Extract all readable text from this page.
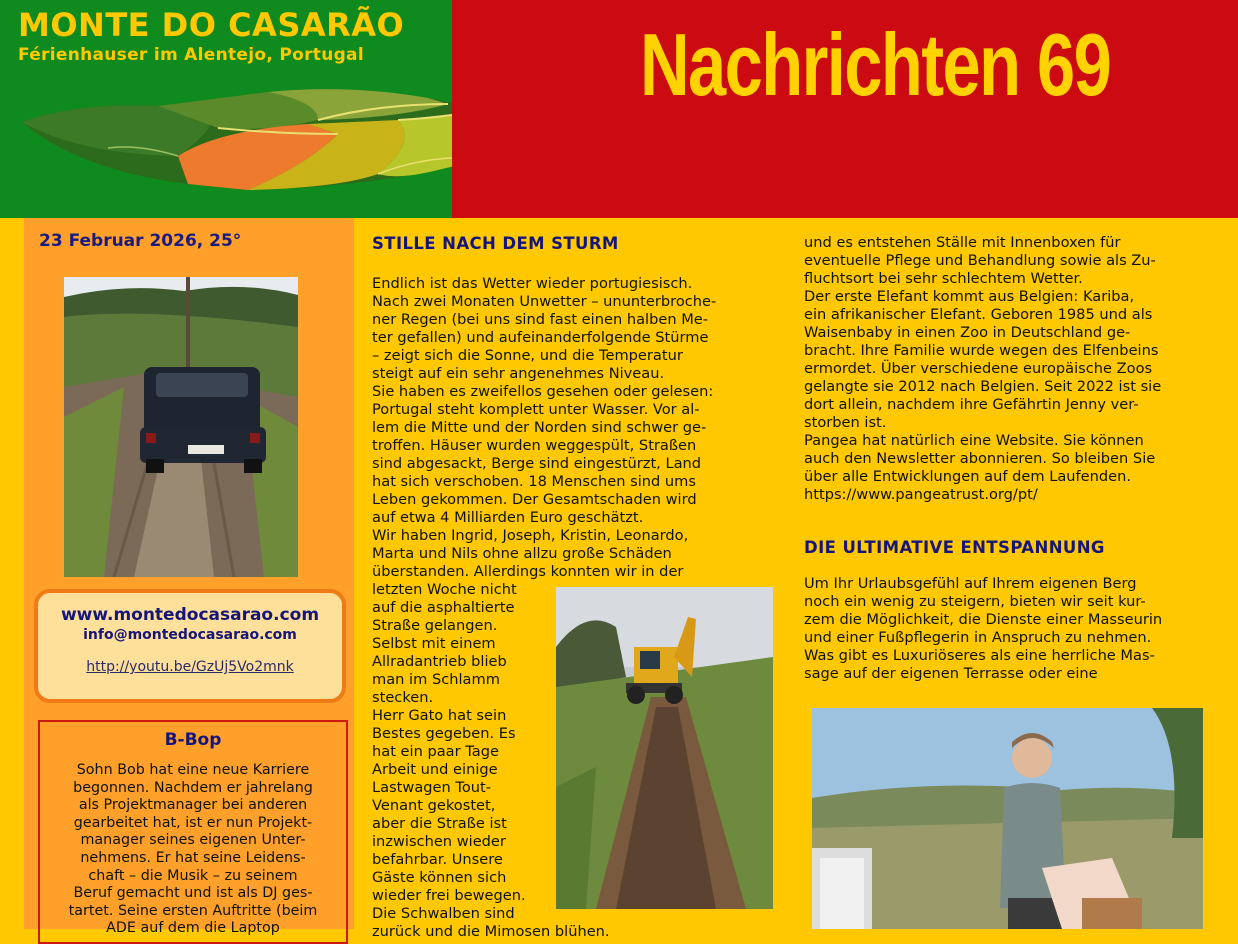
MONTE DO CASARÃO
Férienhauser im Alentejo, Portugal	Nachrichten 69
23 Februar 2026, 25°
www.montedocasarao.com
info@montedocasarao.com
http://youtu.be/GzUj5Vo2mnk
B-Bop
Sohn Bob hat eine neue Karriere
begonnen. Nachdem er jahrelang
als Projektmanager bei anderen
gearbeitet hat, ist er nun Projekt-
manager seines eigenen Unter-
nehmens. Er hat seine Leidens-
chaft – die Musik – zu seinem
Beruf gemacht und ist als DJ ges-
tartet. Seine ersten Auftritte (beim
ADE auf dem die Laptop
STILLE NACH DEM STURM
Endlich ist das Wetter wieder portugiesisch.
Nach zwei Monaten Unwetter – ununterbroche-
ner Regen (bei uns sind fast einen halben Me-
ter gefallen) und aufeinanderfolgende Stürme
– zeigt sich die Sonne, und die Temperatur
steigt auf ein sehr angenehmes Niveau.
Sie haben es zweifellos gesehen oder gelesen:
Portugal steht komplett unter Wasser. Vor al-
lem die Mitte und der Norden sind schwer ge-
troffen. Häuser wurden weggespült, Straßen
sind abgesackt, Berge sind eingestürzt, Land
hat sich verschoben. 18 Menschen sind ums
Leben gekommen. Der Gesamtschaden wird
auf etwa 4 Milliarden Euro geschätzt.
Wir haben Ingrid, Joseph, Kristin, Leonardo,
Marta und Nils ohne allzu große Schäden
überstanden. Allerdings konnten wir in der
letzten Woche nicht
auf die asphaltierte
Straße gelangen.
Selbst mit einem
Allradantrieb blieb
man im Schlamm
stecken.
Herr Gato hat sein
Bestes gegeben. Es
hat ein paar Tage
Arbeit und einige
Lastwagen Tout-
Venant gekostet,
aber die Straße ist
inzwischen wieder
befahrbar. Unsere
Gäste können sich
wieder frei bewegen.
Die Schwalben sind
zurück und die Mimosen blühen.
und es entstehen Ställe mit Innenboxen für
eventuelle Pflege und Behandlung sowie als Zu-
fluchtsort bei sehr schlechtem Wetter.
Der erste Elefant kommt aus Belgien: Kariba,
ein afrikanischer Elefant. Geboren 1985 und als
Waisenbaby in einen Zoo in Deutschland ge-
bracht. Ihre Familie wurde wegen des Elfenbeins
ermordet. Über verschiedene europäische Zoos
gelangte sie 2012 nach Belgien. Seit 2022 ist sie
dort allein, nachdem ihre Gefährtin Jenny ver-
storben ist.
Pangea hat natürlich eine Website. Sie können
auch den Newsletter abonnieren. So bleiben Sie
über alle Entwicklungen auf dem Laufenden.
https://www.pangeatrust.org/pt/
DIE ULTIMATIVE ENTSPANNUNG
Um Ihr Urlaubsgefühl auf Ihrem eigenen Berg
noch ein wenig zu steigern, bieten wir seit kur-
zem die Möglichkeit, die Dienste einer Masseurin
und einer Fußpflegerin in Anspruch zu nehmen.
Was gibt es Luxuriöseres als eine herrliche Mas-
sage auf der eigenen Terrasse oder eine
